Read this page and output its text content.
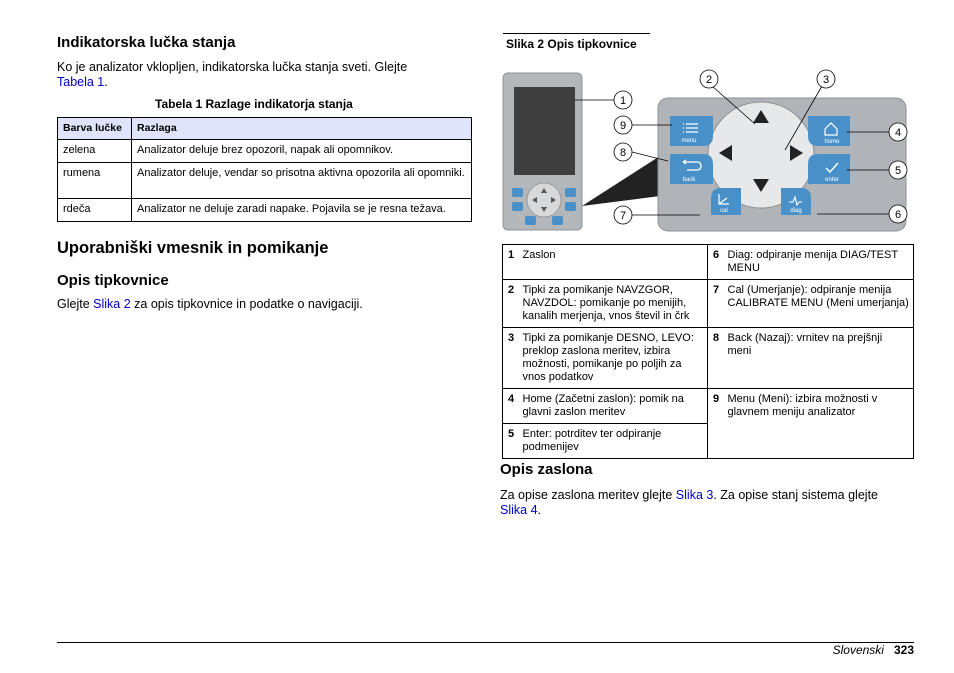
Indikatorska lučka stanja
Ko je analizator vklopljen, indikatorska lučka stanja sveti. Glejte
Tabela 1.
Tabela 1 Razlage indikatorja stanja
Barva lučke	Razlaga
zelena	Analizator deluje brez opozoril, napak ali opomnikov.
rumena	Analizator deluje, vendar so prisotna aktivna opozorila ali opomniki.
rdeča	Analizator ne deluje zaradi napake. Pojavila se je resna težava.
Uporabniški vmesnik in pomikanje
Opis tipkovnice
Glejte Slika 2 za opis tipkovnice in podatke o navigaciji.
Slika 2 Opis tipkovnice
menu
back
cal
home
enter
diag
1
2	3
4
5
6
7
8
9
1	Zaslon	6	Diag: odpiranje menija DIAG/TEST MENU
2	Tipki za pomikanje NAVZGOR, NAVZDOL: pomikanje po menijih, kanalih merjenja, vnos števil in črk	7	Cal (Umerjanje): odpiranje menija CALIBRATE MENU (Meni umerjanja)
3	Tipki za pomikanje DESNO, LEVO: preklop zaslona meritev, izbira možnosti, pomikanje po poljih za vnos podatkov	8	Back (Nazaj): vrnitev na prejšnji meni
4	Home (Začetni zaslon): pomik na glavni zaslon meritev	9	Menu (Meni): izbira možnosti v glavnem meniju analizator
5	Enter: potrditev ter odpiranje podmenijev		
Opis zaslona
Za opise zaslona meritev glejte Slika 3. Za opise stanj sistema glejte
Slika 4.
Slovenski 323
